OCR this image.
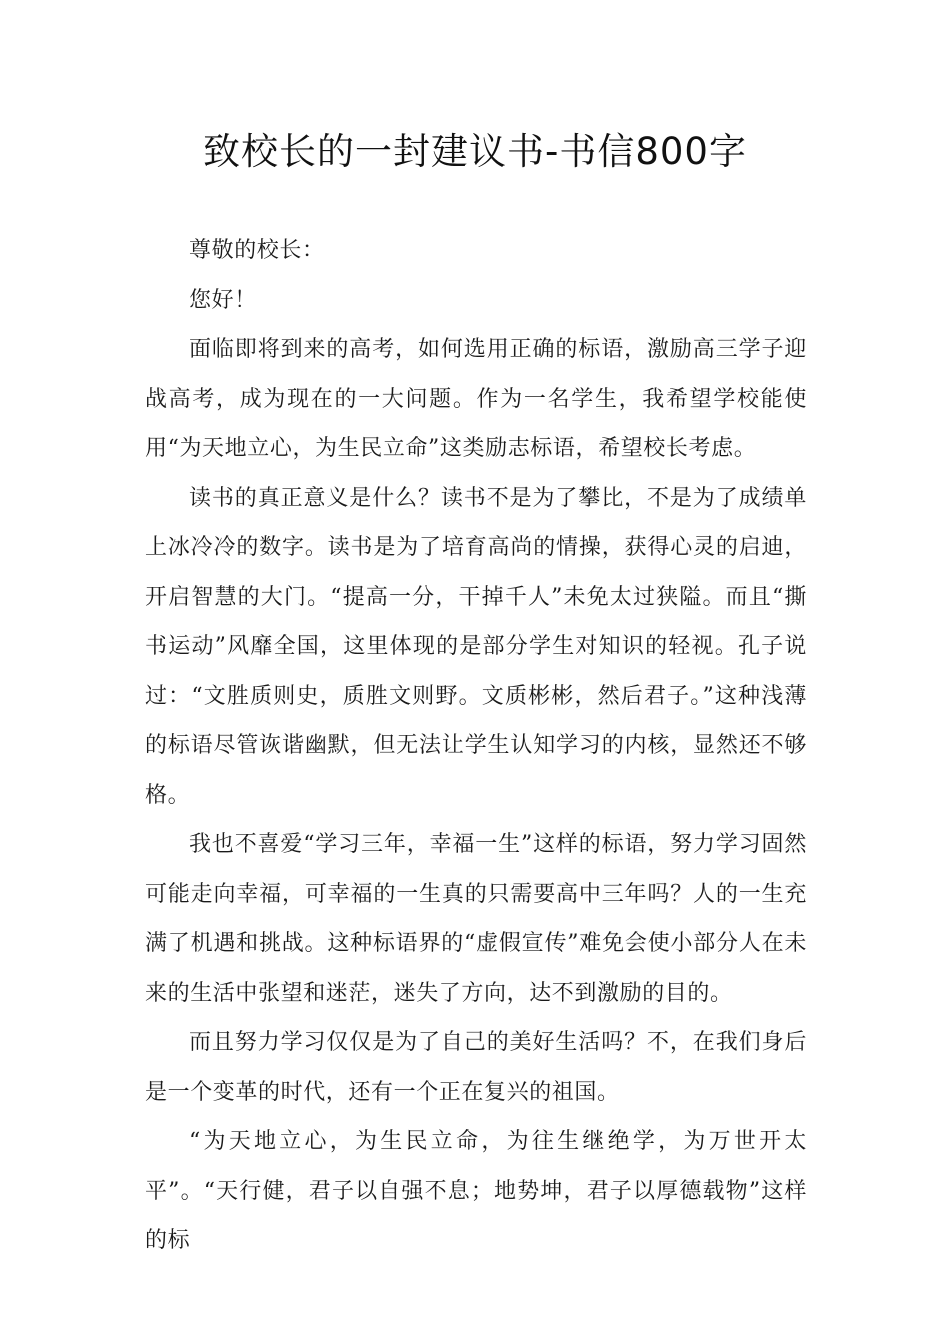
致校长的一封建议书-书信800字

尊敬的校长：

您好！

面临即将到来的高考，如何选用正确的标语，激励高三学子迎战高考，成为现在的一大问题。作为一名学生，我希望学校能使用“为天地立心，为生民立命”这类励志标语，希望校长考虑。

读书的真正意义是什么？读书不是为了攀比，不是为了成绩单上冰冷冷的数字。读书是为了培育高尚的情操，获得心灵的启迪，开启智慧的大门。“提高一分，干掉千人”未免太过狭隘。而且“撕书运动”风靡全国，这里体现的是部分学生对知识的轻视。孔子说过：“文胜质则史，质胜文则野。文质彬彬，然后君子。”这种浅薄的标语尽管诙谐幽默，但无法让学生认知学习的内核，显然还不够格。

我也不喜爱“学习三年，幸福一生”这样的标语，努力学习固然可能走向幸福，可幸福的一生真的只需要高中三年吗？人的一生充满了机遇和挑战。这种标语界的“虚假宣传”难免会使小部分人在未来的生活中张望和迷茫，迷失了方向，达不到激励的目的。

而且努力学习仅仅是为了自己的美好生活吗？不，在我们身后是一个变革的时代，还有一个正在复兴的祖国。

“为天地立心，为生民立命，为往生继绝学，为万世开太平”。“天行健，君子以自强不息；地势坤，君子以厚德载物”这样的标
